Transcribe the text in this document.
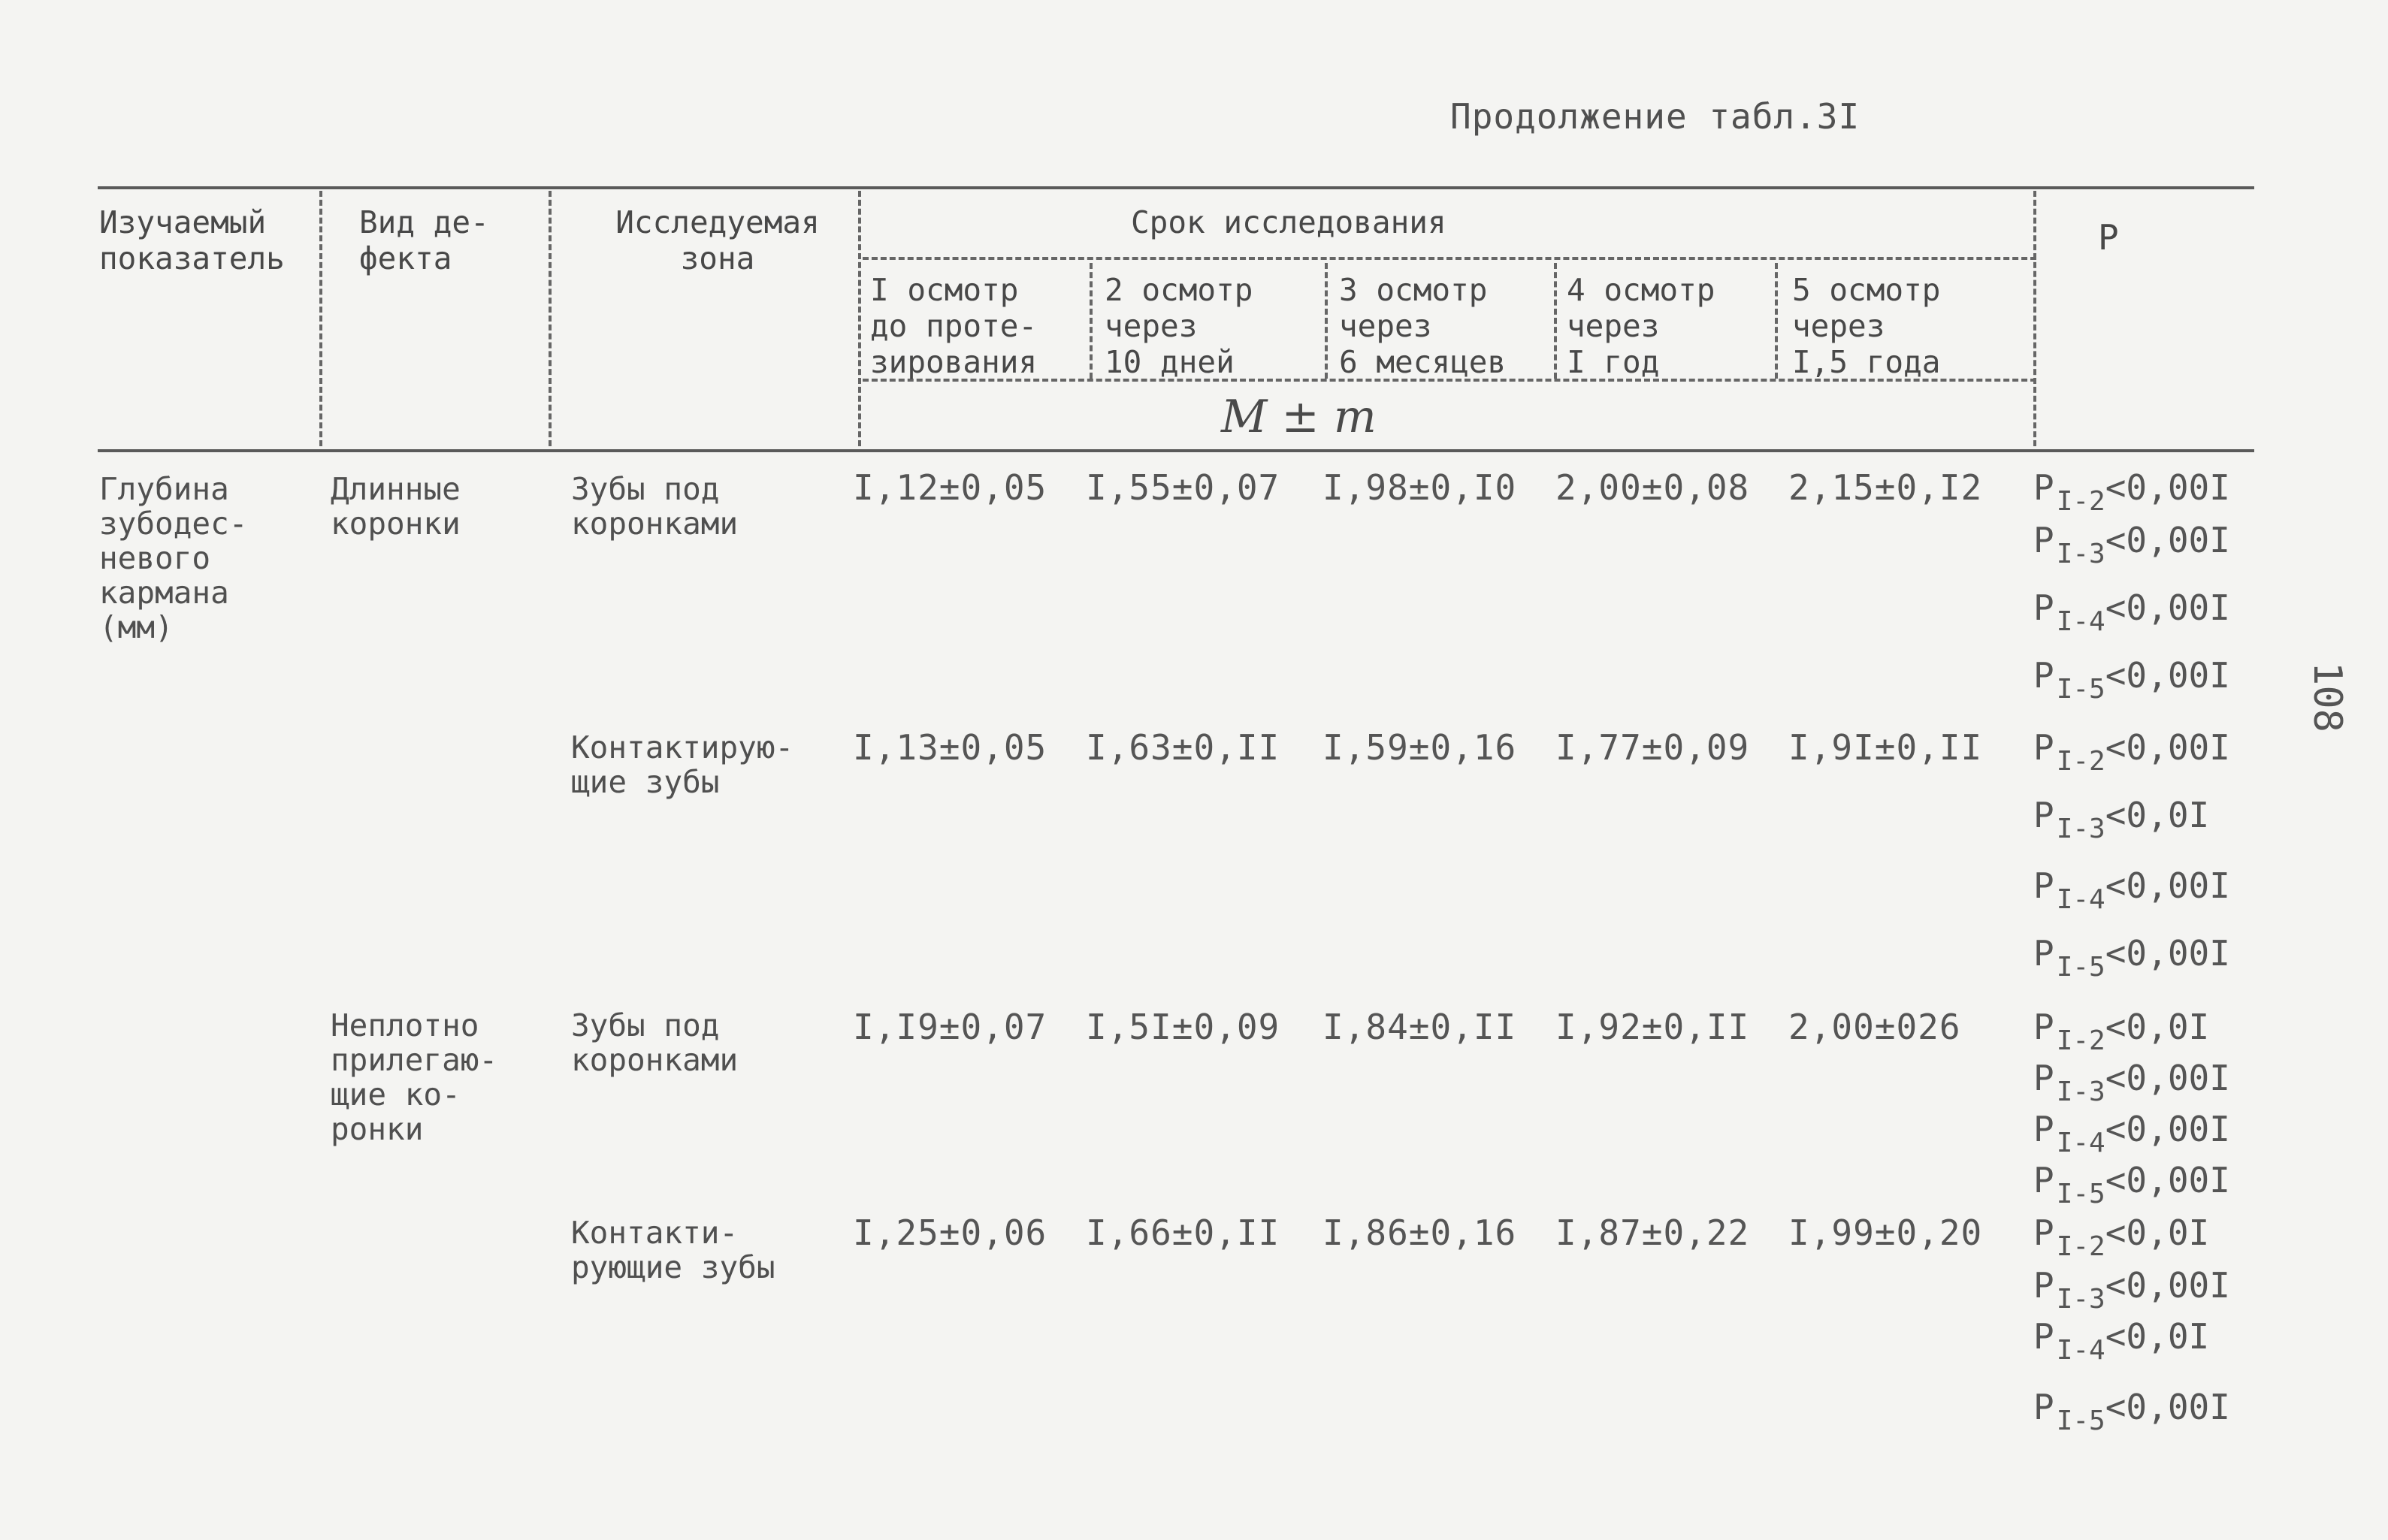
Продолжение табл.3I
Изучаемый
показатель
Вид де-
фекта
Исследуемая
зона
Срок исследования	P
I осмотр
до проте-
зирования
2 осмотр
через
10 дней
3 осмотр
через
6 месяцев
4 осмотр
через
I год
5 осмотр
через
I,5 года
M ± m
Глубина
зубодес-
невого
кармана
(мм)
Длинные
коронки
Зубы под
коронками
I,12±0,05 I,55±0,07 I,98±0,I0 2,00±0,08 2,15±0,I2 $P_{I-2}<0,00I$
$P_{I-3}<0,00I$
$P_{I-4}<0,00I$
$P_{I-5}<0,00I$
Контактирую-
щие зубы
I,13±0,05 I,63±0,II I,59±0,16 I,77±0,09 I,9I±0,II $P_{I-2}<0,00I$
$P_{I-3}<0,0I$
$P_{I-4}<0,00I$
$P_{I-5}<0,00I$
Неплотно
прилегаю-
щие ко-
ронки
Зубы под
коронками
I,I9±0,07 I,5I±0,09 I,84±0,II I,92±0,II 2,00±026 $P_{I-2}<0,0I$
$P_{I-3}<0,00I$
$P_{I-4}<0,00I$
$P_{I-5}<0,00I$
Контакти-
рующие зубы
I,25±0,06 I,66±0,II I,86±0,16 I,87±0,22 I,99±0,20 $P_{I-2}<0,0I$
$P_{I-3}<0,00I$
$P_{I-4}<0,0I$
$P_{I-5}<0,00I$
108
